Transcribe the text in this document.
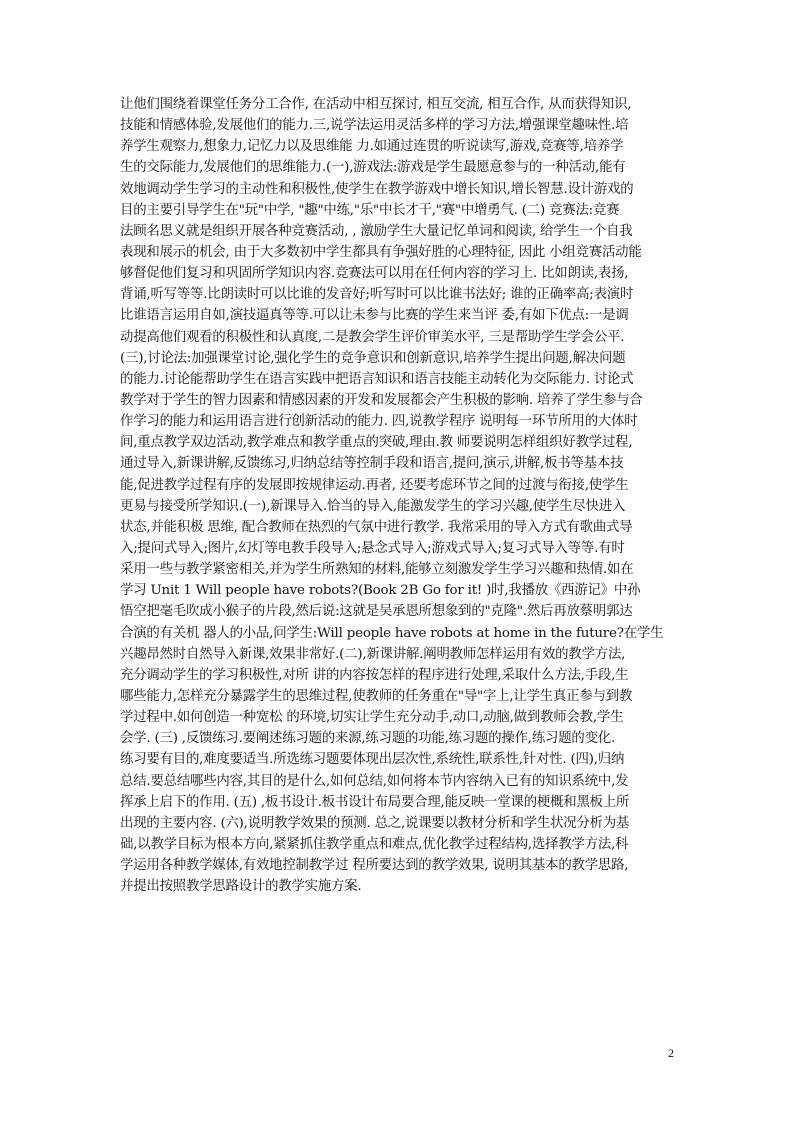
让他们围绕着课堂任务分工合作, 在活动中相互探讨, 相互交流, 相互合作, 从而获得知识,
技能和情感体验,发展他们的能力.三,说学法运用灵活多样的学习方法,增强课堂趣味性.培
养学生观察力,想象力,记忆力以及思维能 力.如通过连贯的听说读写,游戏,竞赛等,培养学
生的交际能力,发展他们的思维能力.(一),游戏法:游戏是学生最愿意参与的一种活动,能有
效地调动学生学习的主动性和积极性,使学生在教学游戏中增长知识,增长智慧.设计游戏的
目的主要引导学生在"玩"中学, "趣"中练,"乐"中长才干,"赛"中增勇气. (二) 竞赛法:竞赛
法顾名思义就是组织开展各种竞赛活动, , 激励学生大量记忆单词和阅读, 给学生一个自我
表现和展示的机会, 由于大多数初中学生都具有争强好胜的心理特征, 因此 小组竞赛活动能
够督促他们复习和巩固所学知识内容.竞赛法可以用在任何内容的学习上. 比如朗读,表扬,
背诵,听写等等.比朗读时可以比谁的发音好;听写时可以比谁书法好; 谁的正确率高;表演时
比谁语言运用自如,演技逼真等等.可以让未参与比赛的学生来当评 委,有如下优点:一是调
动提高他们观看的积极性和认真度,二是教会学生评价审美水平, 三是帮助学生学会公平.
(三),讨论法:加强课堂讨论,强化学生的竞争意识和创新意识,培养学生提出问题,解决问题
的能力.讨论能帮助学生在语言实践中把语言知识和语言技能主动转化为交际能力. 讨论式
教学对于学生的智力因素和情感因素的开发和发展都会产生积极的影响. 培养了学生参与合
作学习的能力和运用语言进行创新活动的能力. 四,说教学程序 说明每一环节所用的大体时
间,重点教学双边活动,教学难点和教学重点的突破,理由.教 师要说明怎样组织好教学过程,
通过导入,新课讲解,反馈练习,归纳总结等控制手段和语言,提问,演示,讲解,板书等基本技
能,促进教学过程有序的发展即按规律运动.再者, 还要考虑环节之间的过渡与衔接,使学生
更易与接受所学知识.(一),新课导入.恰当的导入,能激发学生的学习兴趣,使学生尽快进入
状态,并能积极 思维, 配合教师在热烈的气氛中进行教学. 我常采用的导入方式有歌曲式导
入;提问式导入;图片,幻灯等电教手段导入;悬念式导入;游戏式导入;复习式导入等等.有时
采用一些与教学紧密相关,并为学生所熟知的材料,能够立刻激发学生学习兴趣和热情.如在
学习 Unit 1 Will people have robots?(Book 2B Go for it! )时,我播放《西游记》中孙
悟空把毫毛吹成小猴子的片段,然后说:这就是吴承恩所想象到的"克隆".然后再放蔡明郭达
合演的有关机 器人的小品,问学生:Will people have robots at home in the future?在学生
兴趣昂然时自然导入新课,效果非常好.(二),新课讲解.阐明教师怎样运用有效的教学方法,
充分调动学生的学习积极性,对所 讲的内容按怎样的程序进行处理,采取什么方法,手段,生
哪些能力,怎样充分暴露学生的思维过程,使教师的任务重在"导"字上,让学生真正参与到教
学过程中.如何创造一种宽松 的环境,切实让学生充分动手,动口,动脑,做到教师会教,学生
会学. (三) ,反馈练习.要阐述练习题的来源,练习题的功能,练习题的操作,练习题的变化.
练习要有目的,难度要适当.所选练习题要体现出层次性,系统性,联系性,针对性. (四),归纳
总结.要总结哪些内容,其目的是什么,如何总结,如何将本节内容纳入已有的知识系统中,发
挥承上启下的作用. (五) ,板书设计.板书设计布局要合理,能反映一堂课的梗概和黑板上所
出现的主要内容. (六),说明教学效果的预测. 总之,说课要以教材分析和学生状况分析为基
础,以教学目标为根本方向,紧紧抓住教学重点和难点,优化教学过程结构,选择教学方法,科
学运用各种教学媒体,有效地控制教学过 程所要达到的教学效果, 说明其基本的教学思路,
并提出按照教学思路设计的教学实施方案.
2
